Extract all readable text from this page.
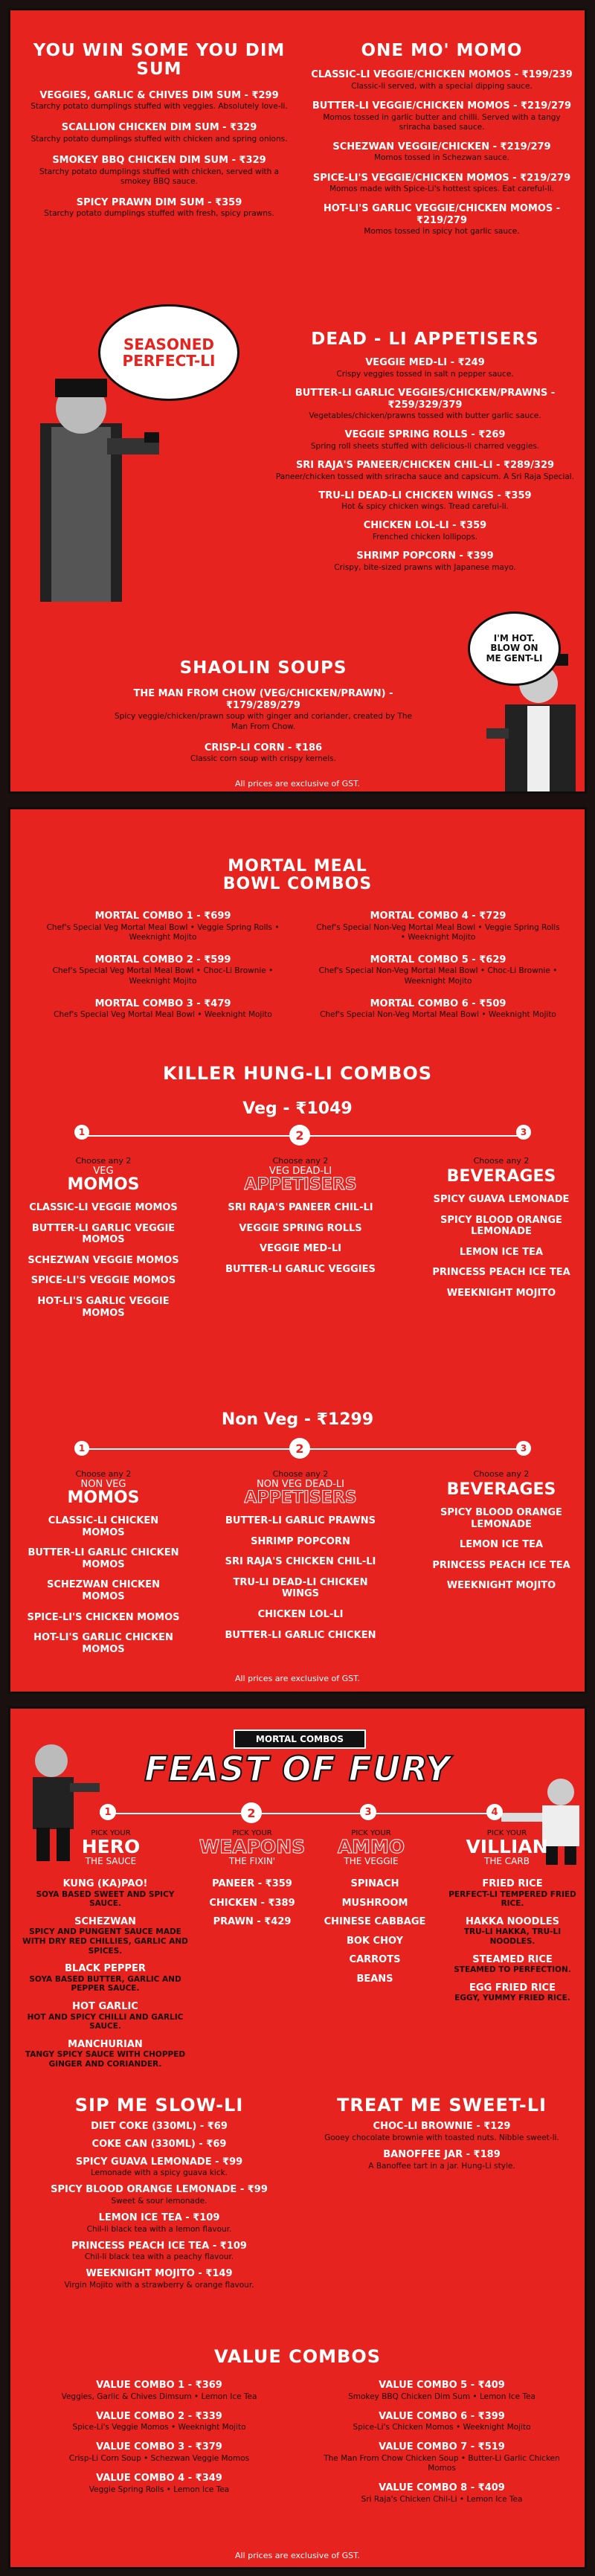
YOU WIN SOME YOU DIM SUM
VEGGIES, GARLIC & CHIVES DIM SUM - ₹299
Starchy potato dumplings stuffed with veggies. Absolutely love-li.
SCALLION CHICKEN DIM SUM - ₹329
Starchy potato dumplings stuffed with chicken and spring onions.
SMOKEY BBQ CHICKEN DIM SUM - ₹329
Starchy potato dumplings stuffed with chicken, served with a smokey BBQ sauce.
SPICY PRAWN DIM SUM - ₹359
Starchy potato dumplings stuffed with fresh, spicy prawns.
ONE MO' MOMO
CLASSIC-LI VEGGIE/CHICKEN MOMOS - ₹199/239
Classic-li served, with a special dipping sauce.
BUTTER-LI VEGGIE/CHICKEN MOMOS - ₹219/279
Momos tossed in garlic butter and chilli. Served with a tangy sriracha based sauce.
SCHEZWAN VEGGIE/CHICKEN - ₹219/279
Momos tossed in Schezwan sauce.
SPICE-LI'S VEGGIE/CHICKEN MOMOS - ₹219/279
Momos made with Spice-Li's hottest spices. Eat careful-li.
HOT-LI'S GARLIC VEGGIE/CHICKEN MOMOS - ₹219/279
Momos tossed in spicy hot garlic sauce.
SEASONED PERFECT-LI
DEAD - LI APPETISERS
VEGGIE MED-LI - ₹249
Crispy veggies tossed in salt n pepper sauce.
BUTTER-LI GARLIC VEGGIES/CHICKEN/PRAWNS - ₹259/329/379
Vegetables/chicken/prawns tossed with butter garlic sauce.
VEGGIE SPRING ROLLS - ₹269
Spring roll sheets stuffed with delicious-li charred veggies.
SRI RAJA'S PANEER/CHICKEN CHIL-LI - ₹289/329
Paneer/chicken tossed with sriracha sauce and capsicum. A Sri Raja Special.
TRU-LI DEAD-LI CHICKEN WINGS - ₹359
Hot & spicy chicken wings. Tread careful-li.
CHICKEN LOL-LI - ₹359
Frenched chicken lollipops.
SHRIMP POPCORN - ₹399
Crispy, bite-sized prawns with Japanese mayo.
SHAOLIN SOUPS
THE MAN FROM CHOW (VEG/CHICKEN/PRAWN) - ₹179/289/279
Spicy veggie/chicken/prawn soup with ginger and coriander, created by The Man From Chow.
CRISP-LI CORN - ₹186
Classic corn soup with crispy kernels.
I'M HOT. BLOW ON ME GENT-LI
All prices are exclusive of GST.
MORTAL MEAL BOWL COMBOS
MORTAL COMBO 1 - ₹699
Chef's Special Veg Mortal Meal Bowl • Veggie Spring Rolls • Weeknight Mojito
MORTAL COMBO 2 - ₹599
Chef's Special Veg Mortal Meal Bowl • Choc-Li Brownie • Weeknight Mojito
MORTAL COMBO 3 - ₹479
Chef's Special Veg Mortal Meal Bowl • Weeknight Mojito
MORTAL COMBO 4 - ₹729
Chef's Special Non-Veg Mortal Meal Bowl • Veggie Spring Rolls • Weeknight Mojito
MORTAL COMBO 5 - ₹629
Chef's Special Non-Veg Mortal Meal Bowl • Choc-Li Brownie • Weeknight Mojito
MORTAL COMBO 6 - ₹509
Chef's Special Non-Veg Mortal Meal Bowl • Weeknight Mojito
KILLER HUNG-LI COMBOS
Veg - ₹1049
1	2	3
Choose any 2
VEG
MOMOS
CLASSIC-LI VEGGIE MOMOS
BUTTER-LI GARLIC VEGGIE MOMOS
SCHEZWAN VEGGIE MOMOS
SPICE-LI'S VEGGIE MOMOS
HOT-LI'S GARLIC VEGGIE MOMOS
Choose any 2
VEG DEAD-LI
APPETISERS
SRI RAJA'S PANEER CHIL-LI
VEGGIE SPRING ROLLS
VEGGIE MED-LI
BUTTER-LI GARLIC VEGGIES
Choose any 2
BEVERAGES
SPICY GUAVA LEMONADE
SPICY BLOOD ORANGE LEMONADE
LEMON ICE TEA
PRINCESS PEACH ICE TEA
WEEKNIGHT MOJITO
Non Veg - ₹1299
1	2	3
Choose any 2
NON VEG
MOMOS
CLASSIC-LI CHICKEN MOMOS
BUTTER-LI GARLIC CHICKEN MOMOS
SCHEZWAN CHICKEN MOMOS
SPICE-LI'S CHICKEN MOMOS
HOT-LI'S GARLIC CHICKEN MOMOS
Choose any 2
NON VEG DEAD-LI
APPETISERS
BUTTER-LI GARLIC PRAWNS
SHRIMP POPCORN
SRI RAJA'S CHICKEN CHIL-LI
TRU-LI DEAD-LI CHICKEN WINGS
CHICKEN LOL-LI
BUTTER-LI GARLIC CHICKEN
Choose any 2
BEVERAGES
SPICY BLOOD ORANGE LEMONADE
LEMON ICE TEA
PRINCESS PEACH ICE TEA
WEEKNIGHT MOJITO
All prices are exclusive of GST.
MORTAL COMBOS
FEAST OF FURY
1	2	3	4
PICK YOUR
HERO
THE SAUCE
PICK YOUR
WEAPONS
THE FIXIN'
PICK YOUR
AMMO
THE VEGGIE
PICK YOUR
VILLIAN
THE CARB
KUNG (KA)PAO!
SOYA BASED SWEET AND SPICY SAUCE.
SCHEZWAN
SPICY AND PUNGENT SAUCE MADE WITH DRY RED CHILLIES, GARLIC AND SPICES.
BLACK PEPPER
SOYA BASED BUTTER, GARLIC AND PEPPER SAUCE.
HOT GARLIC
HOT AND SPICY CHILLI AND GARLIC SAUCE.
MANCHURIAN
TANGY SPICY SAUCE WITH CHOPPED GINGER AND CORIANDER.
PANEER - ₹359
CHICKEN - ₹389
PRAWN - ₹429
SPINACH
MUSHROOM
CHINESE CABBAGE
BOK CHOY
CARROTS
BEANS
FRIED RICE
PERFECT-LI TEMPERED FRIED RICE.
HAKKA NOODLES
TRU-LI HAKKA, TRU-LI NOODLES.
STEAMED RICE
STEAMED TO PERFECTION.
EGG FRIED RICE
EGGY, YUMMY FRIED RICE.
SIP ME SLOW-LI
DIET COKE (330ML) - ₹69
COKE CAN (330ML) - ₹69
SPICY GUAVA LEMONADE - ₹99
Lemonade with a spicy guava kick.
SPICY BLOOD ORANGE LEMONADE - ₹99
Sweet & sour lemonade.
LEMON ICE TEA - ₹109
Chil-li black tea with a lemon flavour.
PRINCESS PEACH ICE TEA - ₹109
Chil-li black tea with a peachy flavour.
WEEKNIGHT MOJITO - ₹149
Virgin Mojito with a strawberry & orange flavour.
TREAT ME SWEET-LI
CHOC-LI BROWNIE - ₹129
Gooey chocolate brownie with toasted nuts. Nibble sweet-li.
BANOFFEE JAR - ₹189
A Banoffee tart in a jar. Hung-Li style.
VALUE COMBOS
VALUE COMBO 1 - ₹369
Veggies, Garlic & Chives Dimsum • Lemon Ice Tea
VALUE COMBO 2 - ₹339
Spice-Li's Veggie Momos • Weeknight Mojito
VALUE COMBO 3 - ₹379
Crisp-Li Corn Soup • Schezwan Veggie Momos
VALUE COMBO 4 - ₹349
Veggie Spring Rolls • Lemon Ice Tea
VALUE COMBO 5 - ₹409
Smokey BBQ Chicken Dim Sum • Lemon Ice Tea
VALUE COMBO 6 - ₹399
Spice-Li's Chicken Momos • Weeknight Mojito
VALUE COMBO 7 - ₹519
The Man From Chow Chicken Soup • Butter-Li Garlic Chicken Momos
VALUE COMBO 8 - ₹409
Sri Raja's Chicken Chil-Li • Lemon Ice Tea
All prices are exclusive of GST.
